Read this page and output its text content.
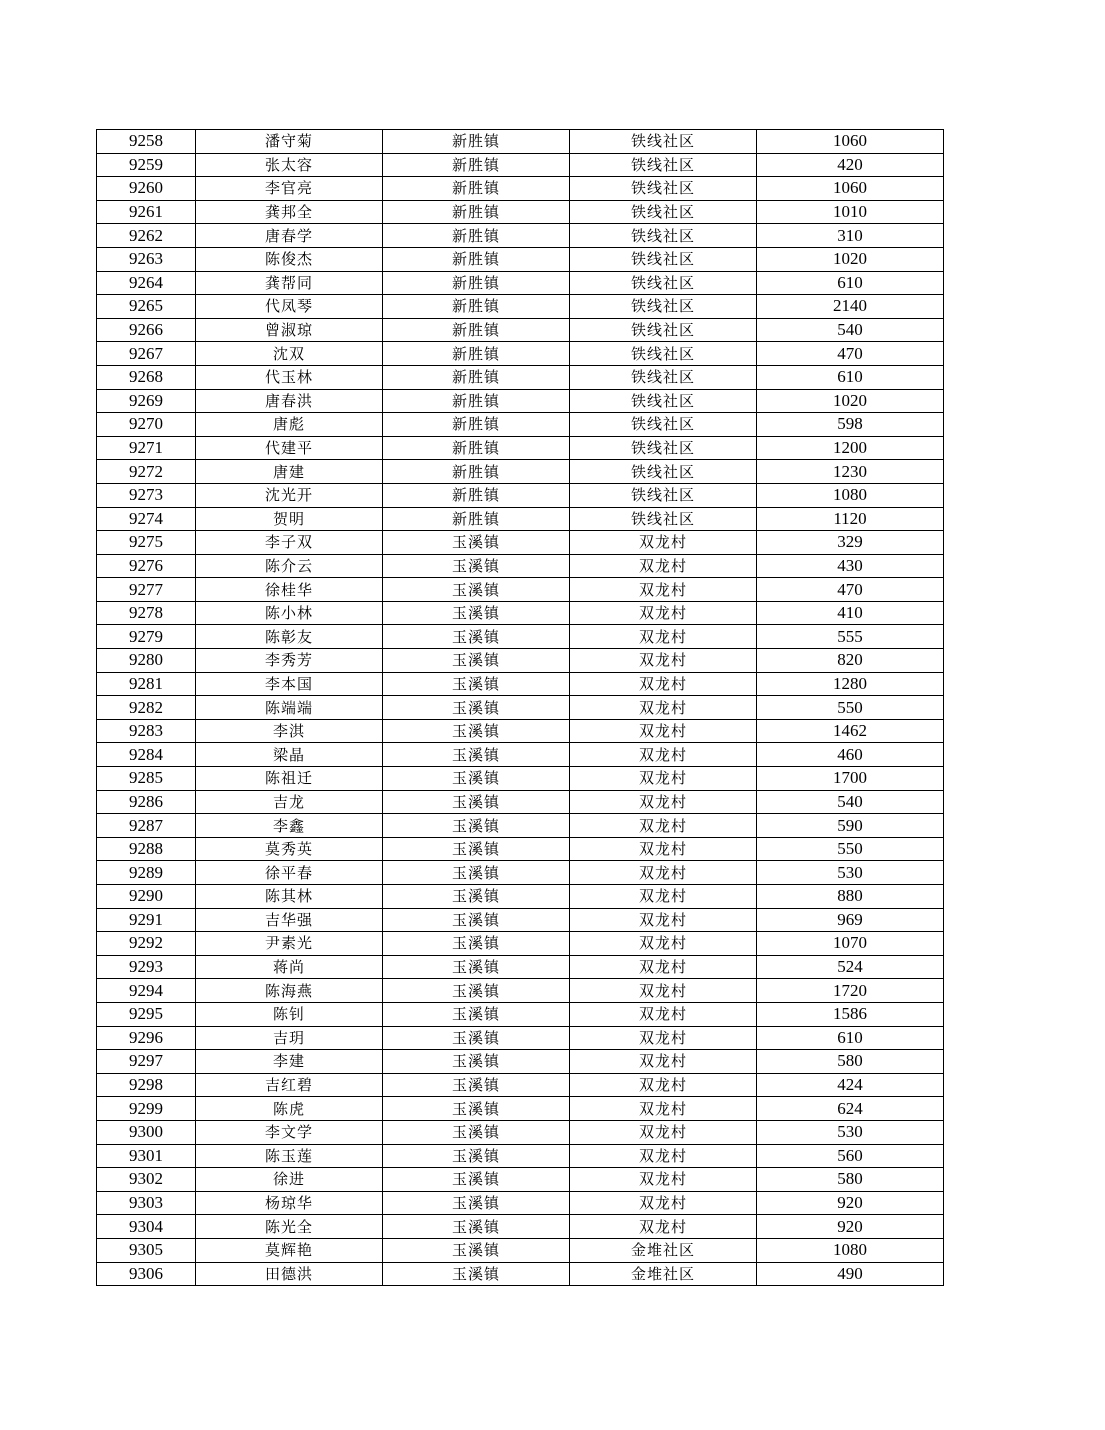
9258	潘守菊	新胜镇	铁线社区	1060
9259	张太容	新胜镇	铁线社区	420
9260	李官亮	新胜镇	铁线社区	1060
9261	龚邦全	新胜镇	铁线社区	1010
9262	唐春学	新胜镇	铁线社区	310
9263	陈俊杰	新胜镇	铁线社区	1020
9264	龚帮同	新胜镇	铁线社区	610
9265	代凤琴	新胜镇	铁线社区	2140
9266	曾淑琼	新胜镇	铁线社区	540
9267	沈双	新胜镇	铁线社区	470
9268	代玉林	新胜镇	铁线社区	610
9269	唐春洪	新胜镇	铁线社区	1020
9270	唐彪	新胜镇	铁线社区	598
9271	代建平	新胜镇	铁线社区	1200
9272	唐建	新胜镇	铁线社区	1230
9273	沈光开	新胜镇	铁线社区	1080
9274	贺明	新胜镇	铁线社区	1120
9275	李子双	玉溪镇	双龙村	329
9276	陈介云	玉溪镇	双龙村	430
9277	徐桂华	玉溪镇	双龙村	470
9278	陈小林	玉溪镇	双龙村	410
9279	陈彰友	玉溪镇	双龙村	555
9280	李秀芳	玉溪镇	双龙村	820
9281	李本国	玉溪镇	双龙村	1280
9282	陈端端	玉溪镇	双龙村	550
9283	李淇	玉溪镇	双龙村	1462
9284	梁晶	玉溪镇	双龙村	460
9285	陈祖迁	玉溪镇	双龙村	1700
9286	吉龙	玉溪镇	双龙村	540
9287	李鑫	玉溪镇	双龙村	590
9288	莫秀英	玉溪镇	双龙村	550
9289	徐平春	玉溪镇	双龙村	530
9290	陈其林	玉溪镇	双龙村	880
9291	吉华强	玉溪镇	双龙村	969
9292	尹素光	玉溪镇	双龙村	1070
9293	蒋尚	玉溪镇	双龙村	524
9294	陈海燕	玉溪镇	双龙村	1720
9295	陈钊	玉溪镇	双龙村	1586
9296	吉玥	玉溪镇	双龙村	610
9297	李建	玉溪镇	双龙村	580
9298	吉红碧	玉溪镇	双龙村	424
9299	陈虎	玉溪镇	双龙村	624
9300	李文学	玉溪镇	双龙村	530
9301	陈玉莲	玉溪镇	双龙村	560
9302	徐进	玉溪镇	双龙村	580
9303	杨琼华	玉溪镇	双龙村	920
9304	陈光全	玉溪镇	双龙村	920
9305	莫辉艳	玉溪镇	金堆社区	1080
9306	田德洪	玉溪镇	金堆社区	490
